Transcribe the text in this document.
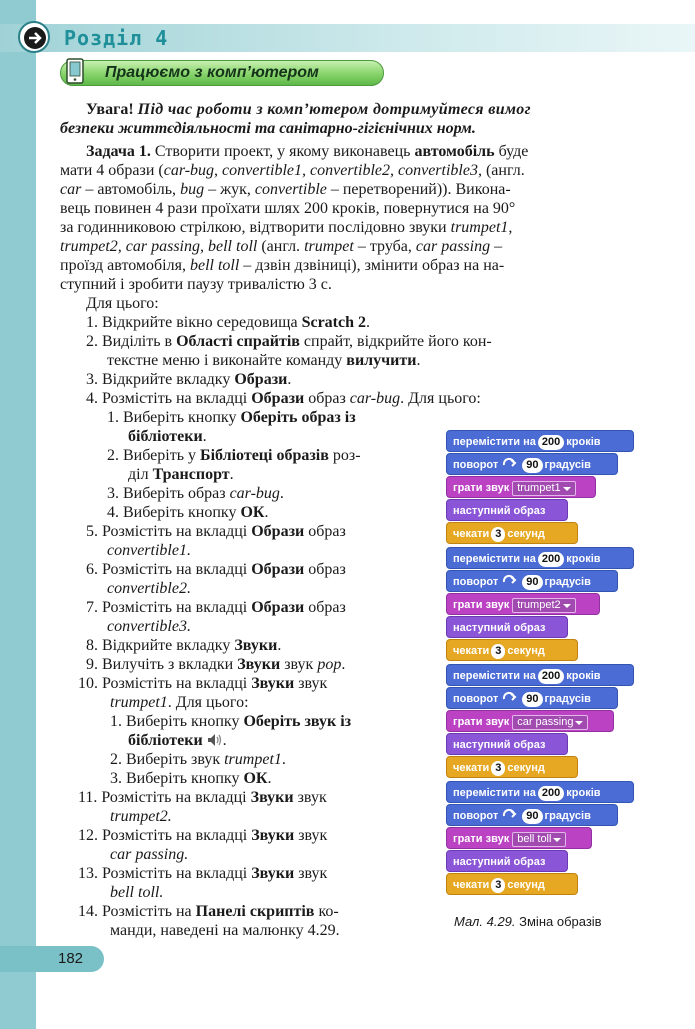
Розділ 4
Працюємо з комп’ютером
Увага! Під час роботи з комп’ютером дотримуйтеся вимог
безпеки життєдіяльності та санітарно-гігієнічних норм.
Задача 1. Створити проект, у якому виконавець автомобіль буде
мати 4 образи (car-bug, convertible1, convertible2, convertible3, (англ.
car – автомобіль, bug – жук, convertible – перетворений)). Викона-
вець повинен 4 рази проїхати шлях 200 кроків, повернутися на 90°
за годинниковою стрілкою, відтворити послідовно звуки trumpet1,
trumpet2, car passing, bell toll (англ. trumpet – труба, car passing –
проїзд автомобіля, bell toll – дзвін дзвіниці), змінити образ на на-
ступний і зробити паузу тривалістю 3 с.
Для цього:
1. Відкрийте вікно середовища Scratch 2.
2. Виділіть в Області спрайтів спрайт, відкрийте його кон-
текстне меню і виконайте команду вилучити.
3. Відкрийте вкладку Образи.
4. Розмістіть на вкладці Образи образ car-bug. Для цього:
1. Виберіть кнопку Оберіть образ із
бібліотеки.
2. Виберіть у Бібліотеці образів роз-
діл Транспорт.
3. Виберіть образ car-bug.
4. Виберіть кнопку ОК.
5. Розмістіть на вкладці Образи образ
convertible1.
6. Розмістіть на вкладці Образи образ
convertible2.
7. Розмістіть на вкладці Образи образ
convertible3.
8. Відкрийте вкладку Звуки.
9. Вилучіть з вкладки Звуки звук pop.
10. Розмістіть на вкладці Звуки звук
trumpet1. Для цього:
1. Виберіть кнопку Оберіть звук із
бібліотеки .
2. Виберіть звук trumpet1.
3. Виберіть кнопку ОК.
11. Розмістіть на вкладці Звуки звук
trumpet2.
12. Розмістіть на вкладці Звуки звук
car passing.
13. Розмістіть на вкладці Звуки звук
bell toll.
14. Розмістіть на Панелі скриптів ко-
манди, наведені на малюнку 4.29.
перемістити на 200 кроків
поворот	90 градусів
грати звук trumpet1
наступний образ
чекати 3 секунд
перемістити на 200 кроків
поворот	90 градусів
грати звук trumpet2
наступний образ
чекати 3 секунд
перемістити на 200 кроків
поворот	90 градусів
грати звук car passing
наступний образ
чекати 3 секунд
перемістити на 200 кроків
поворот	90 градусів
грати звук bell toll
наступний образ
чекати 3 секунд
Мал. 4.29. Зміна образів
182
